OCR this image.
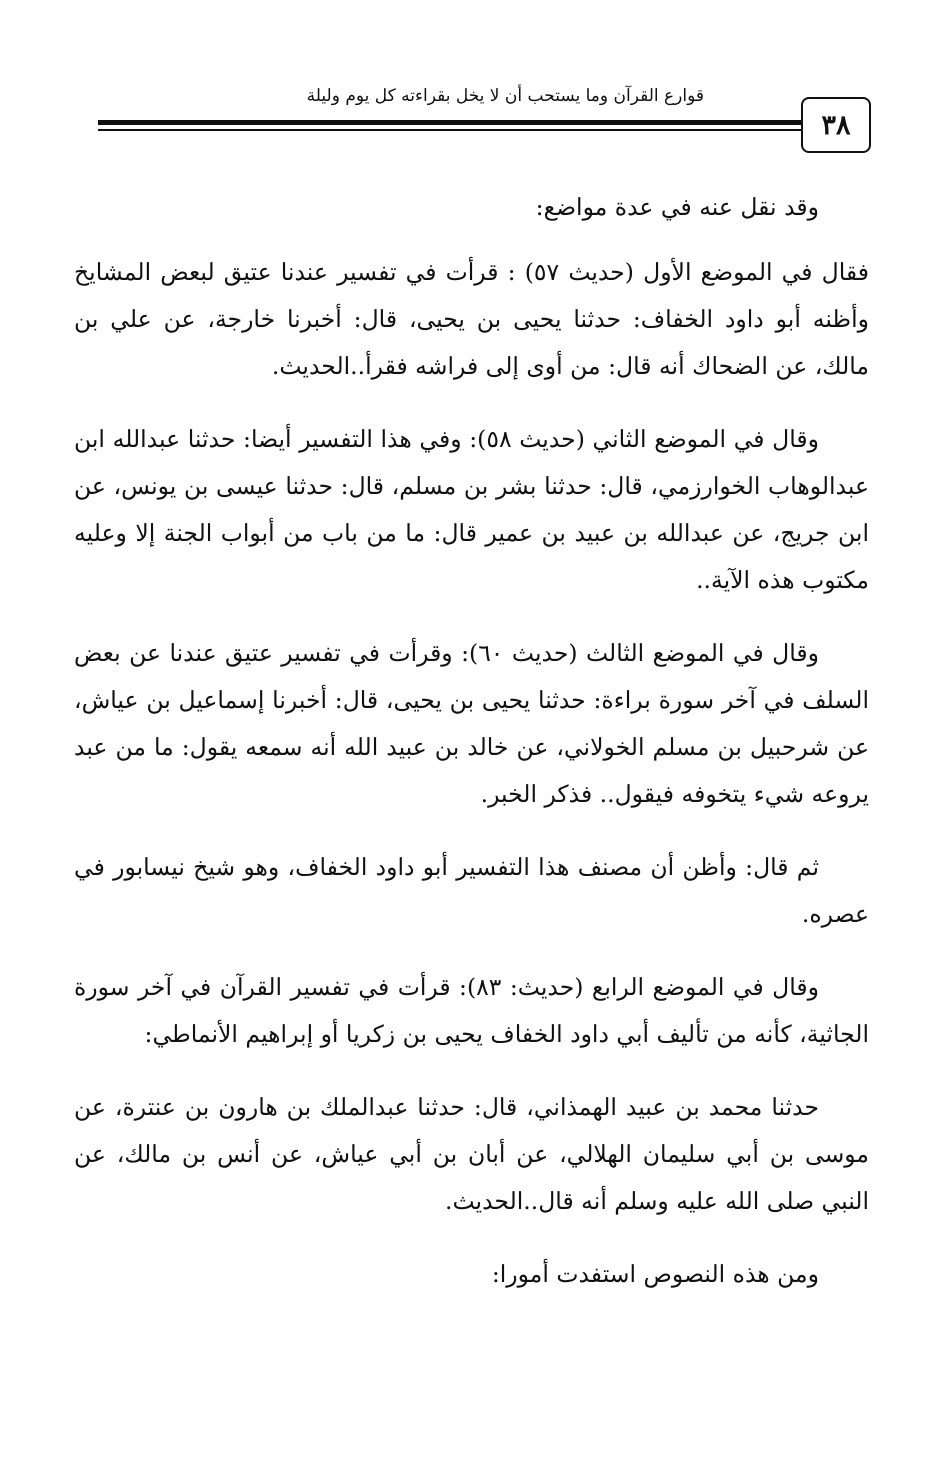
قوارع القرآن وما يستحب أن لا يخل بقراءته كل يوم وليلة
٣٨

وقد نقل عنه في عدة مواضع:

فقال في الموضع الأول (حديث ٥٧) : قرأت في تفسير عندنا عتيق لبعض المشايخ وأظنه أبو داود الخفاف: حدثنا يحيى بن يحيى، قال: أخبرنا خارجة، عن علي بن مالك، عن الضحاك أنه قال: من أوى إلى فراشه فقرأ..الحديث.

وقال في الموضع الثاني (حديث ٥٨): وفي هذا التفسير أيضا: حدثنا عبدالله ابن عبدالوهاب الخوارزمي، قال: حدثنا بشر بن مسلم، قال: حدثنا عيسى بن يونس، عن ابن جريج، عن عبدالله بن عبيد بن عمير قال: ما من باب من أبواب الجنة إلا وعليه مكتوب هذه الآية..

وقال في الموضع الثالث (حديث ٦٠): وقرأت في تفسير عتيق عندنا عن بعض السلف في آخر سورة براءة: حدثنا يحيى بن يحيى، قال: أخبرنا إسماعيل بن عياش، عن شرحبيل بن مسلم الخولاني، عن خالد بن عبيد الله أنه سمعه يقول: ما من عبد يروعه شيء يتخوفه فيقول.. فذكر الخبر.

ثم قال: وأظن أن مصنف هذا التفسير أبو داود الخفاف، وهو شيخ نيسابور في عصره.

وقال في الموضع الرابع (حديث: ٨٣): قرأت في تفسير القرآن في آخر سورة الجاثية، كأنه من تأليف أبي داود الخفاف يحيى بن زكريا أو إبراهيم الأنماطي:

حدثنا محمد بن عبيد الهمذاني، قال: حدثنا عبدالملك بن هارون بن عنترة، عن موسى بن أبي سليمان الهلالي، عن أبان بن أبي عياش، عن أنس بن مالك، عن النبي صلى الله عليه وسلم أنه قال..الحديث.

ومن هذه النصوص استفدت أمورا:
